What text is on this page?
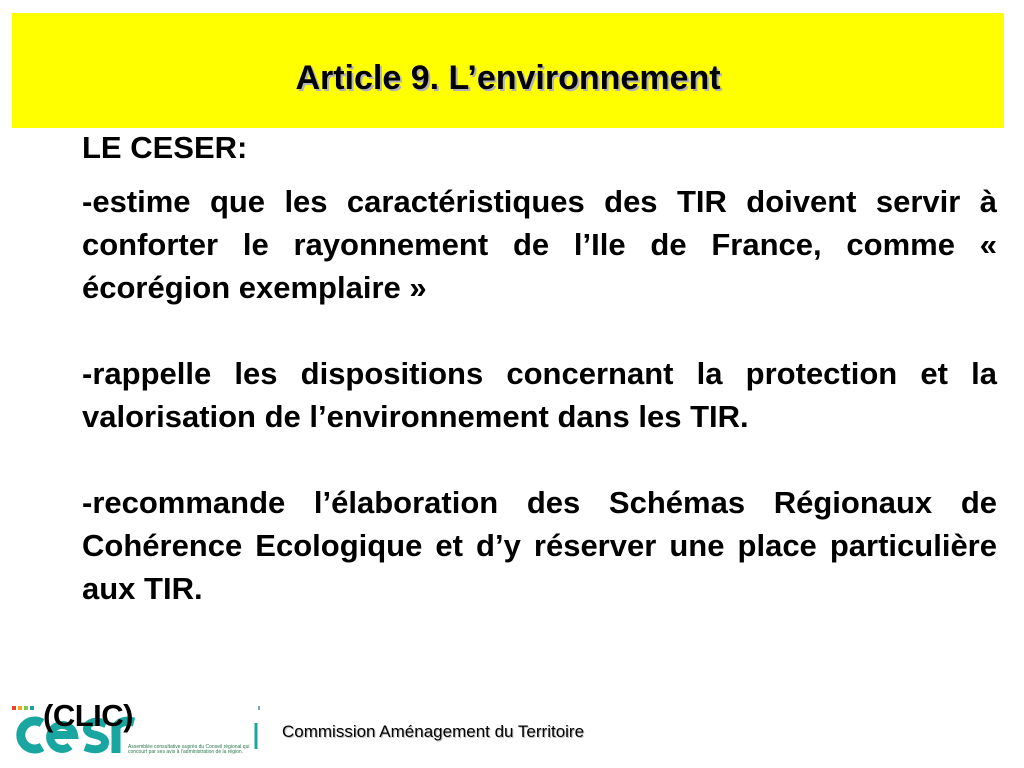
Article 9. L’environnement

LE CESER:

-estime que les caractéristiques des TIR doivent servir à conforter le rayonnement de l’Ile de France, comme « écorégion exemplaire »

-rappelle les dispositions concernant la protection et la valorisation de l’environnement dans les TIR.

-recommande l’élaboration des Schémas Régionaux de Cohérence Ecologique et d’y réserver une place particulière aux TIR.

Assemblée consultative auprès du Conseil régional qui concourt par ses avis à l’administration de la région.
(CLIC)	Commission Aménagement du Territoire
